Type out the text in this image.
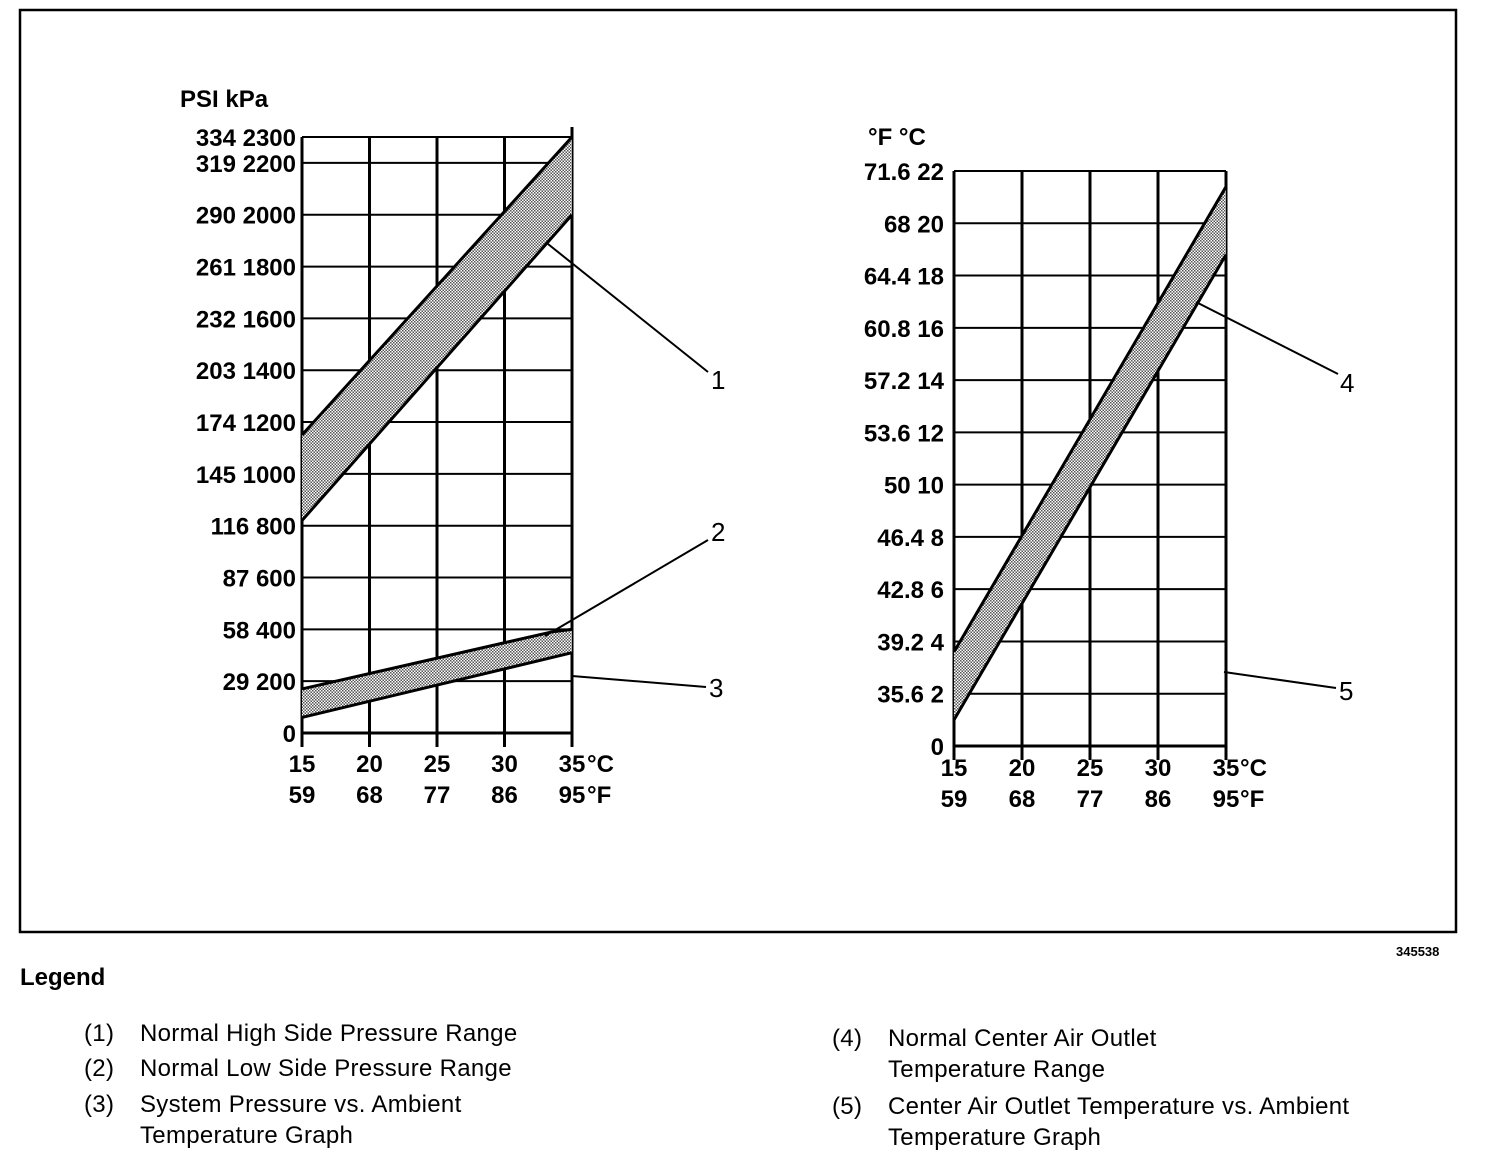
0
29 200
58 400
87 600
116 800
145 1000
174 1200
203 1400
232 1600
261 1800
290 2000
319 2200
334 2300
15
59
20
68
25
77
30
86
35
95
PSI kPa
°C
°F
1
2
3
0
35.6 2
39.2 4
42.8 6
46.4 8
50 10
53.6 12
57.2 14
60.8 16
64.4 18
68 20
71.6 22
15
59
20
68
25
77
30
86
35
95
°F °C
°C
°F
4
5
345538
Legend
(1) Normal High Side Pressure Range
(2) Normal Low Side Pressure Range
(3) System Pressure vs. Ambient Temperature Graph
(4) Normal Center Air Outlet Temperature Range
(5) Center Air Outlet Temperature vs. Ambient Temperature Graph
